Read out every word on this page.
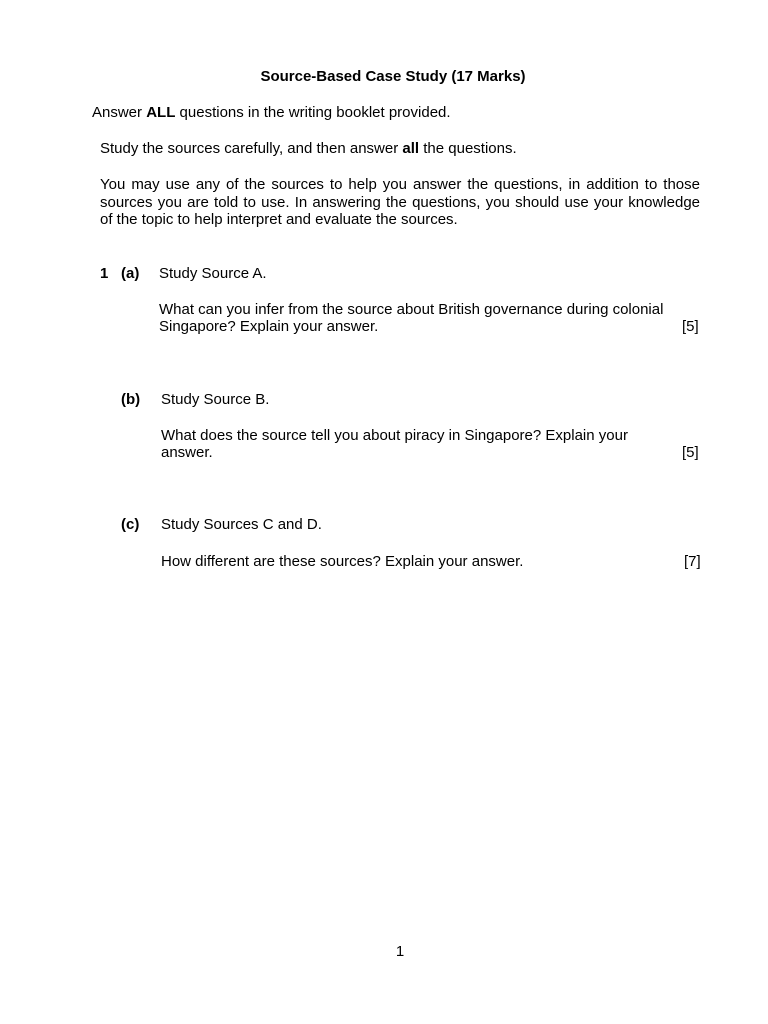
Source-Based Case Study (17 Marks)
Answer ALL questions in the writing booklet provided.
Study the sources carefully, and then answer all the questions.
You may use any of the sources to help you answer the questions, in addition to those sources you are told to use. In answering the questions, you should use your knowledge of the topic to help interpret and evaluate the sources.
1 (a) Study Source A.
What can you infer from the source about British governance during colonial
Singapore? Explain your answer.	[5]
(b) Study Source B.
What does the source tell you about piracy in Singapore? Explain your
answer.	[5]
(c) Study Sources C and D.
How different are these sources? Explain your answer.	[7]
1
